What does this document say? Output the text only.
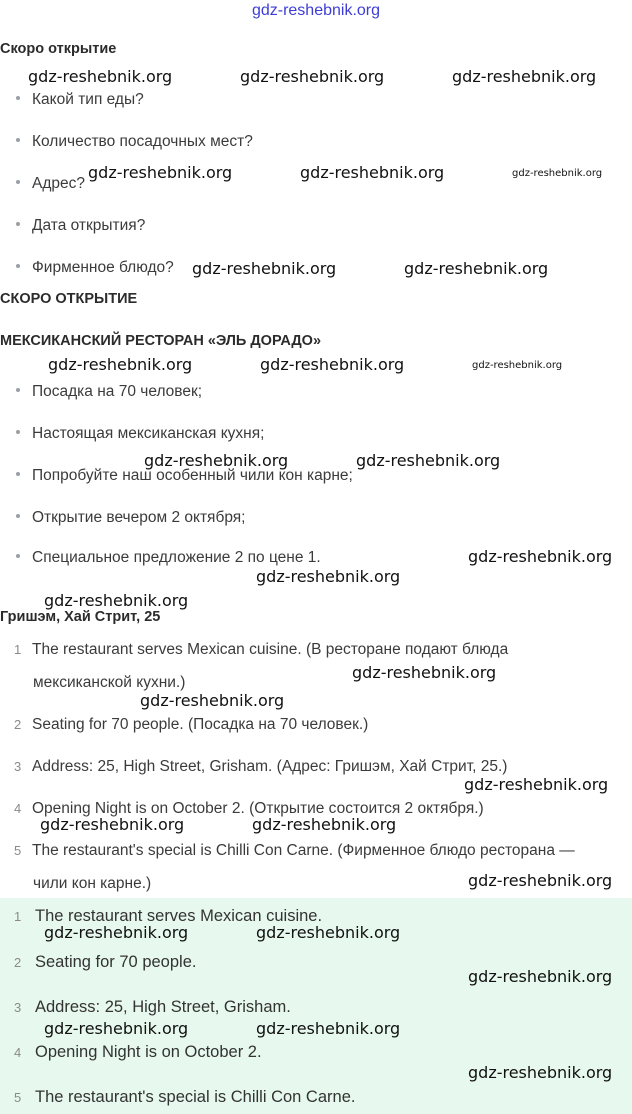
gdz-reshebnik.org
Скоро открытие
Какой тип еды?
Количество посадочных мест?
Адрес?
Дата открытия?
Фирменное блюдо?
СКОРО ОТКРЫТИЕ
МЕКСИКАНСКИЙ РЕСТОРАН «ЭЛЬ ДОРАДО»
Посадка на 70 человек;
Настоящая мексиканская кухня;
Попробуйте наш особенный чили кон карне;
Открытие вечером 2 октября;
Специальное предложение 2 по цене 1.
Гришэм, Хай Стрит, 25
1 The restaurant serves Mexican cuisine. (В ресторане подают блюда
мексиканской кухни.)
2 Seating for 70 people. (Посадка на 70 человек.)
3 Address: 25, High Street, Grisham. (Адрес: Гришэм, Хай Стрит, 25.)
4 Opening Night is on October 2. (Открытие состоится 2 октября.)
5 The restaurant's special is Chilli Con Carne. (Фирменное блюдо ресторана —
чили кон карне.)
1 The restaurant serves Mexican cuisine.
2 Seating for 70 people.
3 Address: 25, High Street, Grisham.
4 Opening Night is on October 2.
5 The restaurant's special is Chilli Con Carne.
gdz-reshebnik.org	gdz-reshebnik.org	gdz-reshebnik.org
gdz-reshebnik.org	gdz-reshebnik.org	gdz-reshebnik.org
gdz-reshebnik.org	gdz-reshebnik.org
gdz-reshebnik.org	gdz-reshebnik.org	gdz-reshebnik.org
gdz-reshebnik.org	gdz-reshebnik.org
gdz-reshebnik.org
gdz-reshebnik.org
gdz-reshebnik.org
gdz-reshebnik.org
gdz-reshebnik.org
gdz-reshebnik.org
gdz-reshebnik.org	gdz-reshebnik.org
gdz-reshebnik.org
gdz-reshebnik.org	gdz-reshebnik.org
gdz-reshebnik.org
gdz-reshebnik.org	gdz-reshebnik.org
gdz-reshebnik.org
